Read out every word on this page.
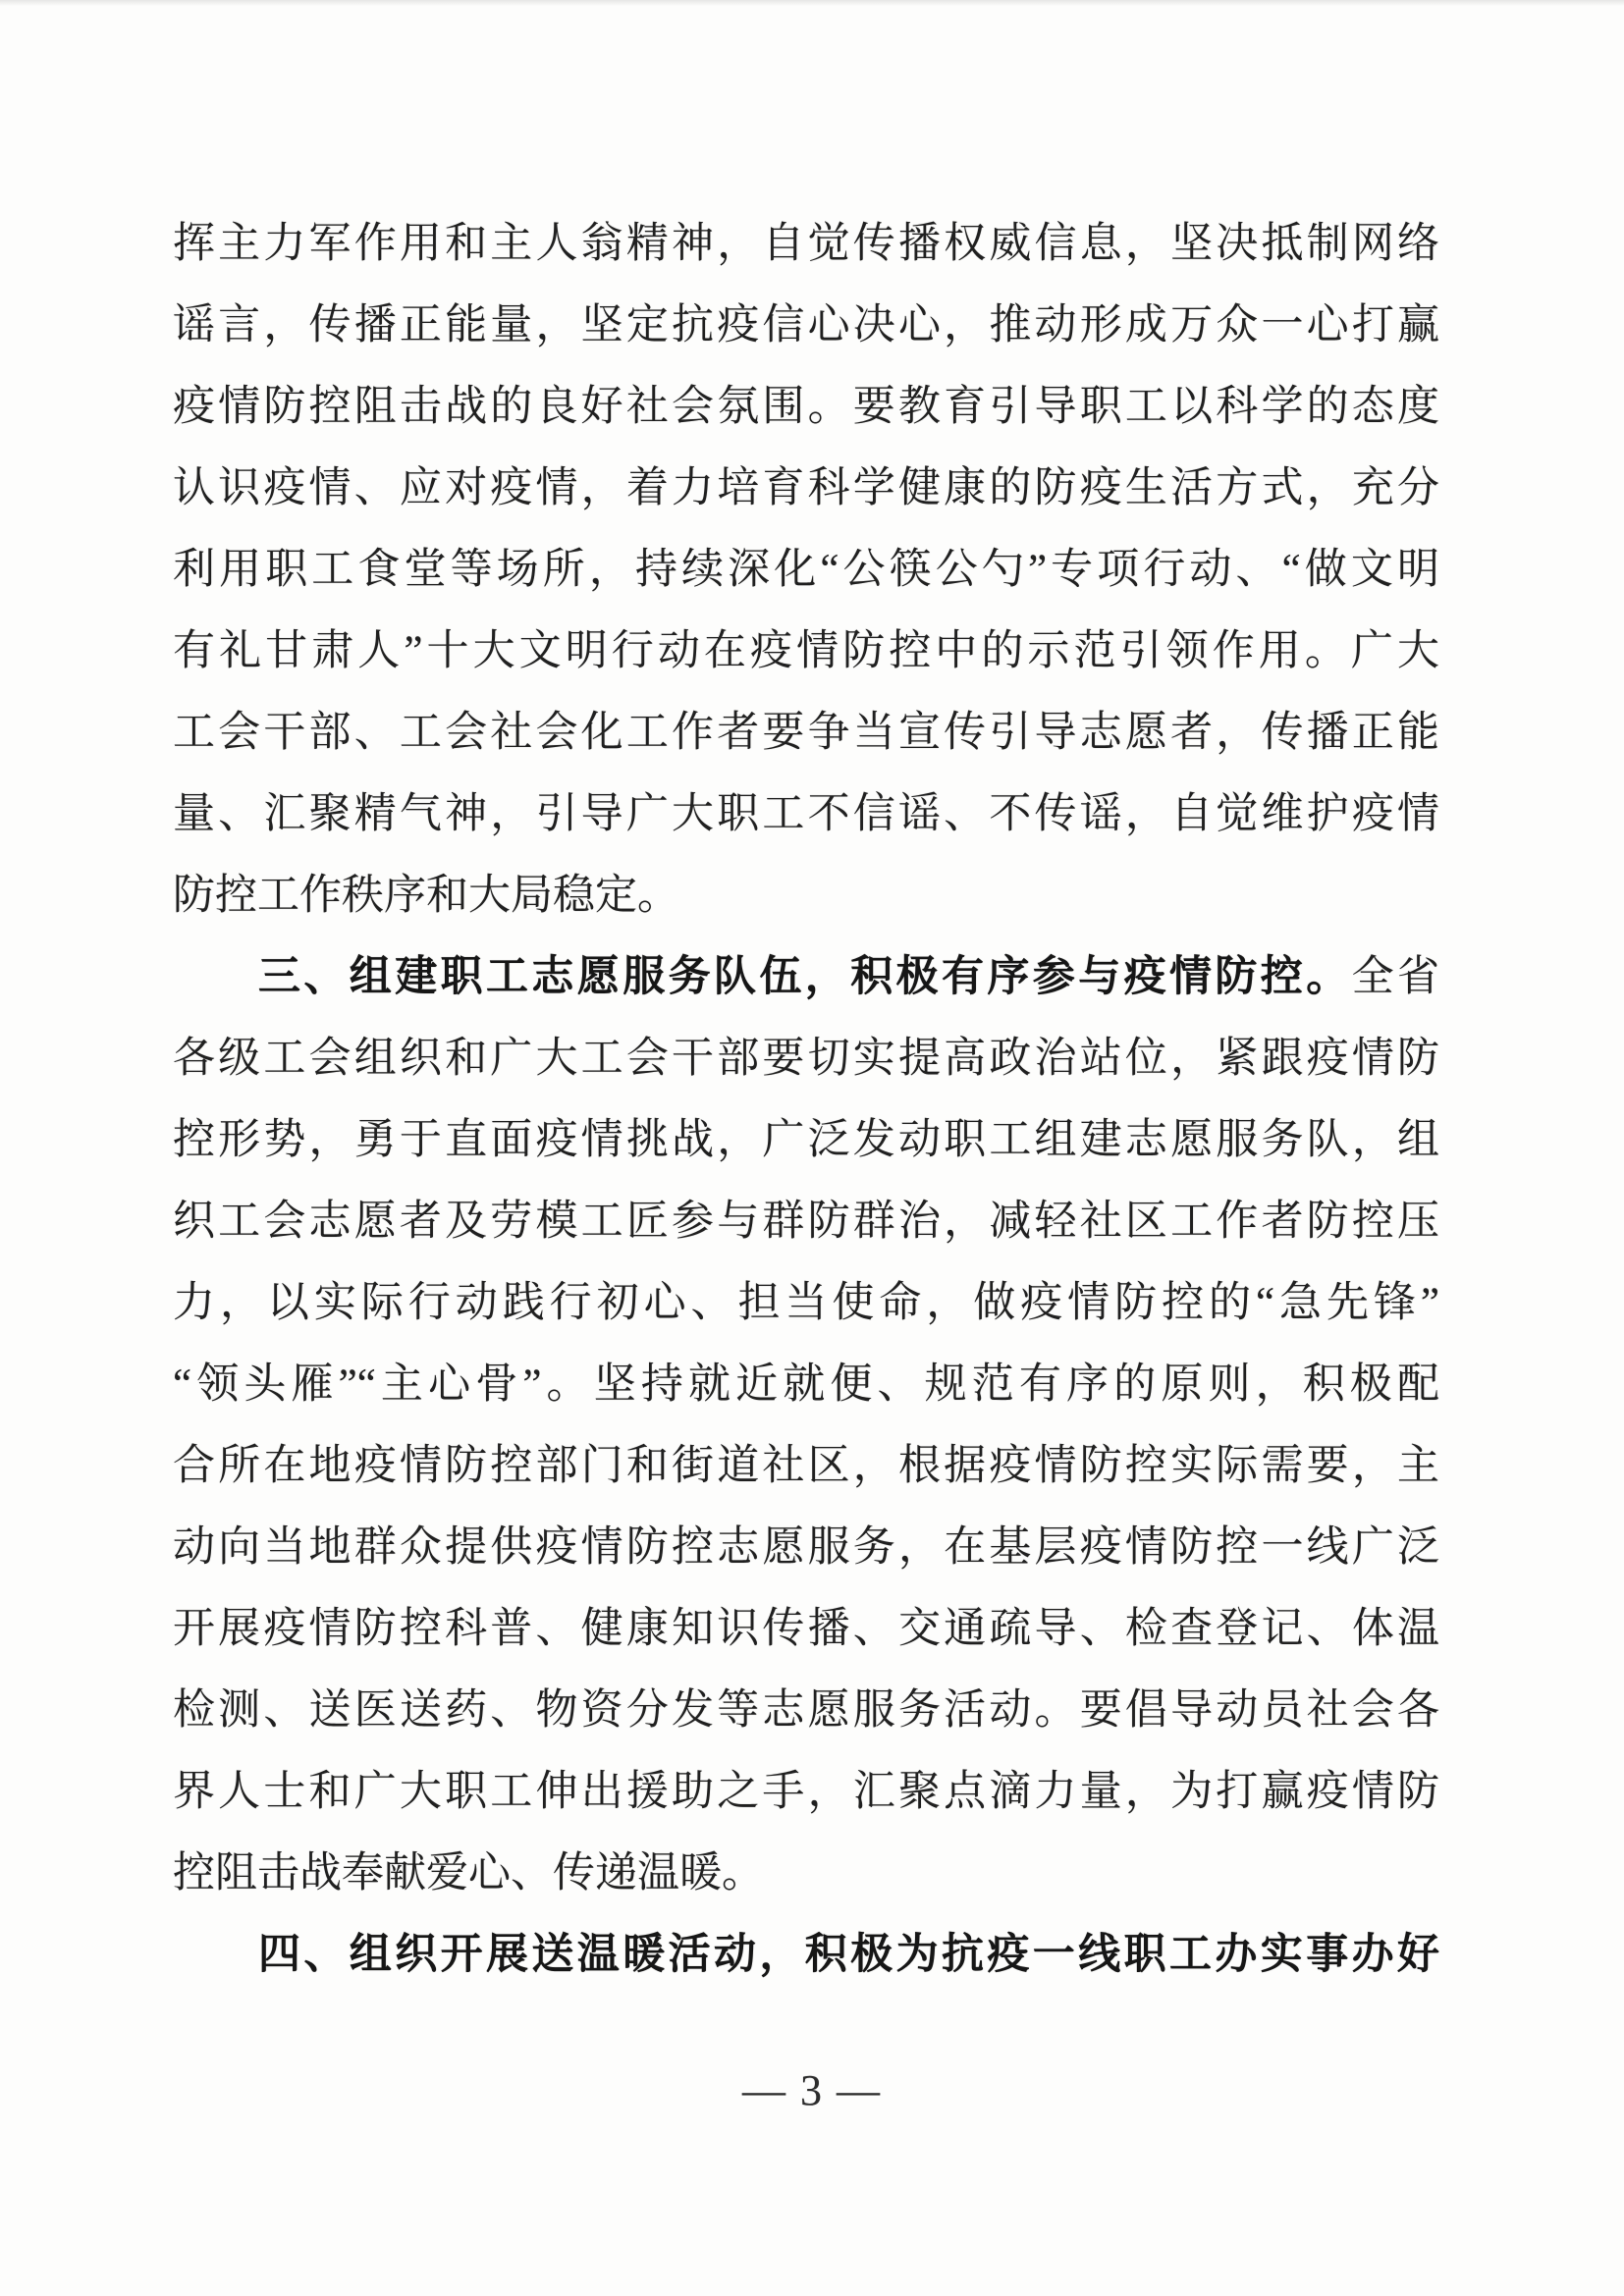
挥主力军作用和主人翁精神，自觉传播权威信息，坚决抵制网络
谣言，传播正能量，坚定抗疫信心决心，推动形成万众一心打赢
疫情防控阻击战的良好社会氛围。要教育引导职工以科学的态度
认识疫情、应对疫情，着力培育科学健康的防疫生活方式，充分
利用职工食堂等场所，持续深化“公筷公勺”专项行动、“做文明
有礼甘肃人”十大文明行动在疫情防控中的示范引领作用。广大
工会干部、工会社会化工作者要争当宣传引导志愿者，传播正能
量、汇聚精气神，引导广大职工不信谣、不传谣，自觉维护疫情
防控工作秩序和大局稳定。
三、组建职工志愿服务队伍，积极有序参与疫情防控。全省
各级工会组织和广大工会干部要切实提高政治站位，紧跟疫情防
控形势，勇于直面疫情挑战，广泛发动职工组建志愿服务队，组
织工会志愿者及劳模工匠参与群防群治，减轻社区工作者防控压
力，以实际行动践行初心、担当使命，做疫情防控的“急先锋”
“领头雁”“主心骨”。坚持就近就便、规范有序的原则，积极配
合所在地疫情防控部门和街道社区，根据疫情防控实际需要，主
动向当地群众提供疫情防控志愿服务，在基层疫情防控一线广泛
开展疫情防控科普、健康知识传播、交通疏导、检查登记、体温
检测、送医送药、物资分发等志愿服务活动。要倡导动员社会各
界人士和广大职工伸出援助之手，汇聚点滴力量，为打赢疫情防
控阻击战奉献爱心、传递温暖。
四、组织开展送温暖活动，积极为抗疫一线职工办实事办好
— 3 —
